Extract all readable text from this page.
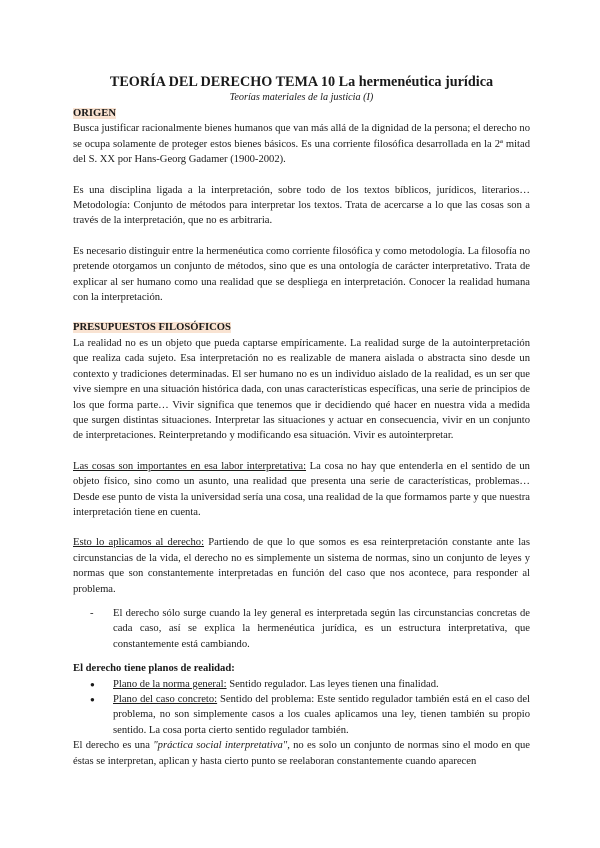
TEORÍA DEL DERECHO TEMA 10 La hermenéutica jurídica
Teorías materiales de la justicia (I)
ORIGEN

Busca justificar racionalmente bienes humanos que van más allá de la dignidad de la persona; el derecho no se ocupa solamente de proteger estos bienes básicos. Es una corriente filosófica desarrollada en la 2ª mitad del S. XX por Hans-Georg Gadamer (1900-2002).

Es una disciplina ligada a la interpretación, sobre todo de los textos bíblicos, jurídicos, literarios… Metodología: Conjunto de métodos para interpretar los textos. Trata de acercarse a lo que las cosas son a través de la interpretación, que no es arbitraria.

Es necesario distinguir entre la hermenéutica como corriente filosófica y como metodología. La filosofía no pretende otorgamos un conjunto de métodos, sino que es una ontología de carácter interpretativo. Trata de explicar al ser humano como una realidad que se despliega en interpretación. Conocer la realidad humana con la interpretación.

PRESUPUESTOS FILOSÓFICOS

La realidad no es un objeto que pueda captarse empíricamente. La realidad surge de la autointerpretación que realiza cada sujeto. Esa interpretación no es realizable de manera aislada o abstracta sino desde un contexto y tradiciones determinadas. El ser humano no es un individuo aislado de la realidad, es un ser que vive siempre en una situación histórica dada, con unas características específicas, una serie de principios de los que forma parte… Vivir significa que tenemos que ir decidiendo qué hacer en nuestra vida a medida que surgen distintas situaciones. Interpretar las situaciones y actuar en consecuencia, vivir en un conjunto de interpretaciones. Reinterpretando y modificando esa situación. Vivir es autointerpretar.

Las cosas son importantes en esa labor interpretativa: La cosa no hay que entenderla en el sentido de un objeto físico, sino como un asunto, una realidad que presenta una serie de características, problemas… Desde ese punto de vista la universidad sería una cosa, una realidad de la que formamos parte y que nuestra interpretación tiene en cuenta.

Esto lo aplicamos al derecho: Partiendo de que lo que somos es esa reinterpretación constante ante las circunstancias de la vida, el derecho no es simplemente un sistema de normas, sino un conjunto de leyes y normas que son constantemente interpretadas en función del caso que nos acontece, para responder al problema.

-	El derecho sólo surge cuando la ley general es interpretada según las circunstancias concretas de cada caso, así se explica la hermenéutica jurídica, es un estructura interpretativa, que constantemente está cambiando.

El derecho tiene planos de realidad:
●	Plano de la norma general: Sentido regulador. Las leyes tienen una finalidad.

●	Plano del caso concreto: Sentido del problema: Este sentido regulador también está en el caso del problema, no son simplemente casos a los cuales aplicamos una ley, tienen también su propio sentido. La cosa porta cierto sentido regulador también.

El derecho es una "práctica social interpretativa", no es solo un conjunto de normas sino el modo en que éstas se interpretan, aplican y hasta cierto punto se reelaboran constantemente cuando aparecen
